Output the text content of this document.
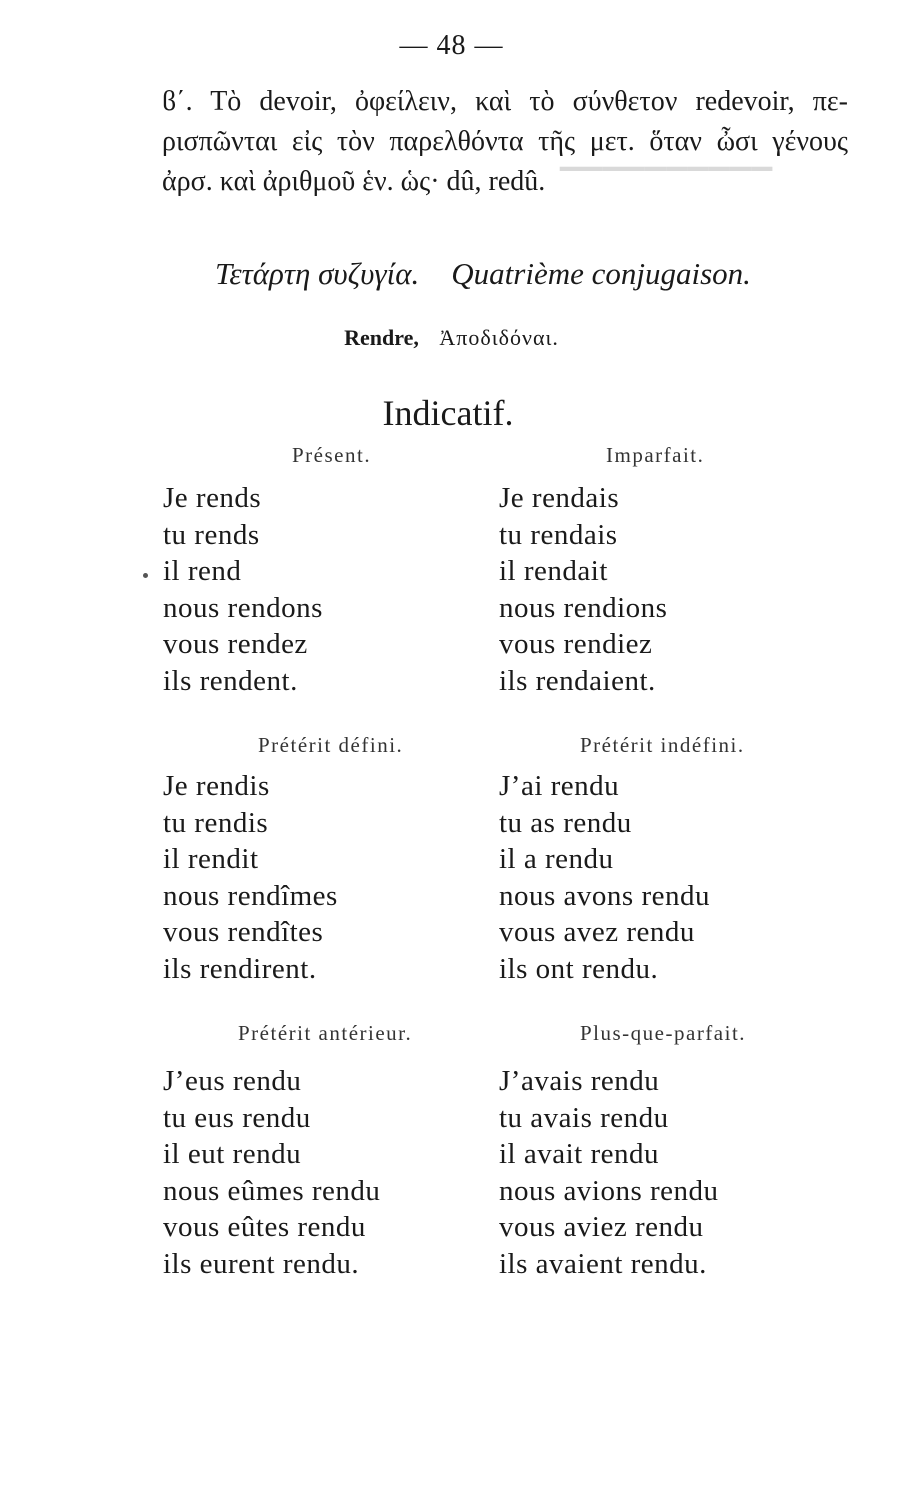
▔▔▔▔▔▔▔▔▔▔
— 48 —

ϐ΄. Τὸ devoir, ὀφείλειν, καὶ τὸ σύνθετον redevoir, πε-

ρισπῶνται εἰς τὸν παρελθόντα τῆς μετ. ὅταν ὦσι γένους

ἀρσ. καὶ ἀριθμοῦ ἑν. ὡς· dû, redû.

Τετάρτη συζυγία. Quatrième conjugaison.
Rendre, Ἀποδιδόναι.
Indicatif.
Présent.
Je rends
tu rends
il rend
nous rendons
vous rendez
ils rendent.
Imparfait.
Je rendais
tu rendais
il rendait
nous rendions
vous rendiez
ils rendaient.
Prétérit défini.
Je rendis
tu rendis
il rendit
nous rendîmes
vous rendîtes
ils rendirent.
Prétérit indéfini.
J’ai rendu
tu as rendu
il a rendu
nous avons rendu
vous avez rendu
ils ont rendu.
Prétérit antérieur.
J’eus rendu
tu eus rendu
il eut rendu
nous eûmes rendu
vous eûtes rendu
ils eurent rendu.
Plus-que-parfait.
J’avais rendu
tu avais rendu
il avait rendu
nous avions rendu
vous aviez rendu
ils avaient rendu.
